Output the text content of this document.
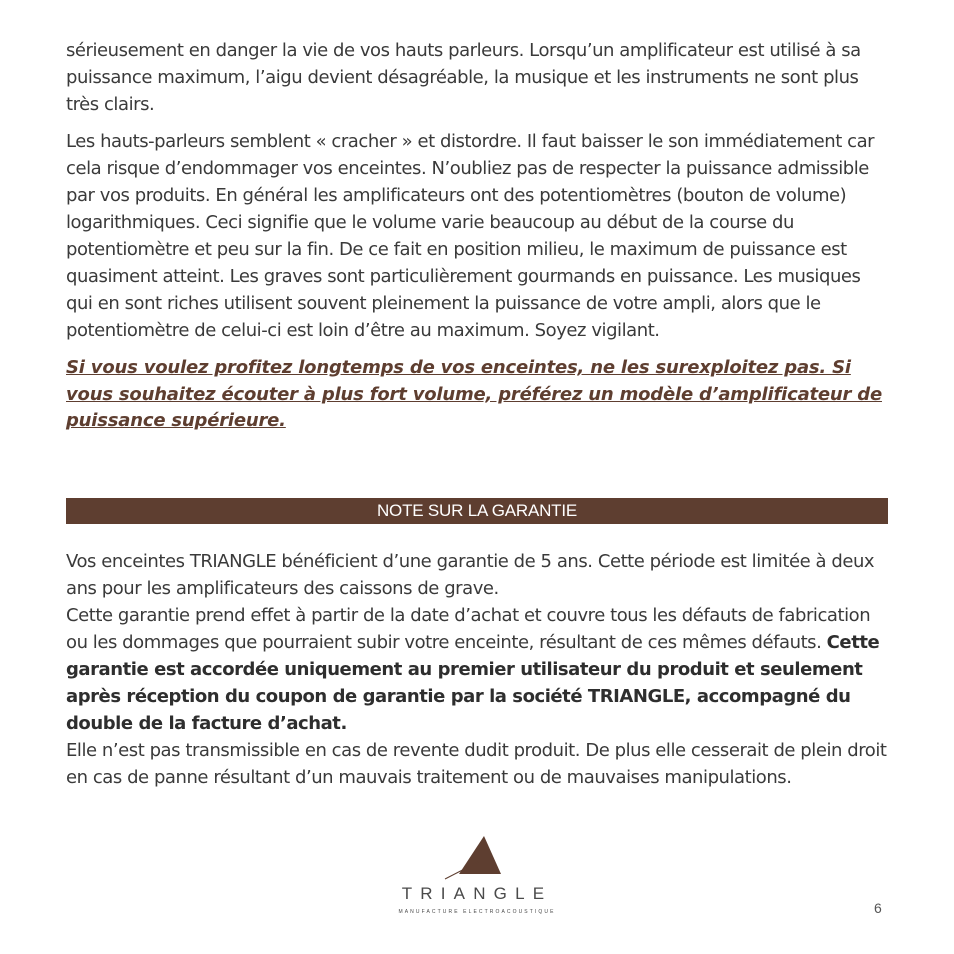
sérieusement en danger la vie de vos hauts parleurs. Lorsqu’un amplificateur est utilisé à sa puissance maximum, l’aigu devient désagréable, la musique et les instruments ne sont plus très clairs.

Les hauts-parleurs semblent « cracher » et distordre. Il faut baisser le son immédiatement car cela risque d’endommager vos enceintes. N’oubliez pas de respecter la puissance admissible par vos produits. En général les amplificateurs ont des potentiomètres (bouton de volume) logarithmiques. Ceci signifie que le volume varie beaucoup au début de la course du potentiomètre et peu sur la fin. De ce fait en position milieu, le maximum de puissance est quasiment atteint. Les graves sont particulièrement gourmands en puissance. Les musiques qui en sont riches utilisent souvent pleinement la puissance de votre ampli, alors que le potentiomètre de celui-ci est loin d’être au maximum. Soyez vigilant.

Si vous voulez profitez longtemps de vos enceintes, ne les surexploitez pas. Si vous souhaitez écouter à plus fort volume, préférez un modèle d’amplificateur de puissance supérieure.

NOTE SUR LA GARANTIE

Vos enceintes TRIANGLE bénéficient d’une garantie de 5 ans. Cette période est limitée à deux ans pour les amplificateurs des caissons de grave.

Cette garantie prend effet à partir de la date d’achat et couvre tous les défauts de fabrication ou les dommages que pourraient subir votre enceinte, résultant de ces mêmes défauts. Cette garantie est accordée uniquement au premier utilisateur du produit et seulement après réception du coupon de garantie par la société TRIANGLE, accompagné du double de la facture d’achat.

Elle n’est pas transmissible en cas de revente dudit produit. De plus elle cesserait de plein droit en cas de panne résultant d’un mauvais traitement ou de mauvaises manipulations.

TRIANGLE
MANUFACTURE ELECTROACOUSTIQUE	6
